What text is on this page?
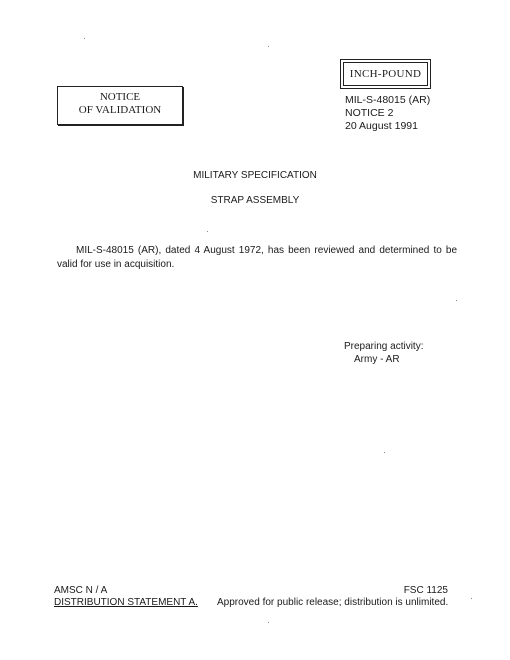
INCH-POUND
NOTICE
OF VALIDATION
MIL-S-48015 (AR)
NOTICE 2
20 August 1991
MILITARY SPECIFICATION
STRAP ASSEMBLY
MIL-S-48015 (AR), dated 4 August 1972, has been reviewed and determined to be valid for use in acquisition.
Preparing activity:
Army - AR
AMSC N / A
DISTRIBUTION STATEMENT A.
FSC 1125
Approved for public release; distribution is unlimited.
